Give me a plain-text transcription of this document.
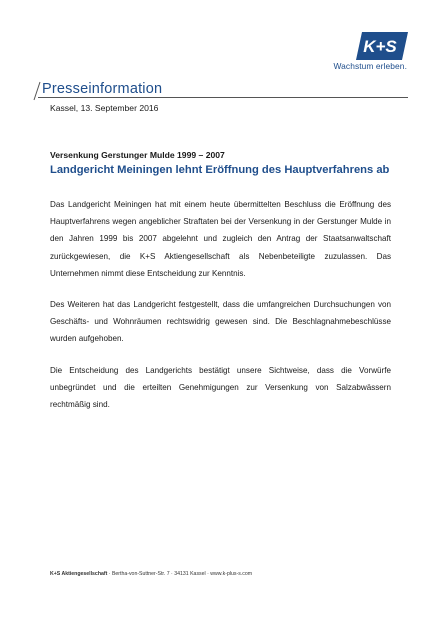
K+S
Wachstum erleben.
Presseinformation
Kassel, 13. September 2016
Versenkung Gerstunger Mulde 1999 – 2007
Landgericht Meiningen lehnt Eröffnung des Hauptverfahrens ab

Das Landgericht Meiningen hat mit einem heute übermittelten Beschluss die Eröffnung des Hauptverfahrens wegen angeblicher Straftaten bei der Versenkung in der Gerstunger Mulde in den Jahren 1999 bis 2007 abgelehnt und zugleich den Antrag der Staatsanwaltschaft zurückgewiesen, die K+S Aktiengesellschaft als Nebenbeteiligte zuzulassen. Das Unternehmen nimmt diese Entscheidung zur Kenntnis.

Des Weiteren hat das Landgericht festgestellt, dass die umfangreichen Durchsuchungen von Geschäfts- und Wohnräumen rechtswidrig gewesen sind. Die Beschlagnahmebeschlüsse wurden aufgehoben.

Die Entscheidung des Landgerichts bestätigt unsere Sichtweise, dass die Vorwürfe unbegründet und die erteilten Genehmigungen zur Versenkung von Salzabwässern rechtmäßig sind.

K+S Aktiengesellschaft · Bertha-von-Suttner-Str. 7 · 34131 Kassel · www.k-plus-s.com
